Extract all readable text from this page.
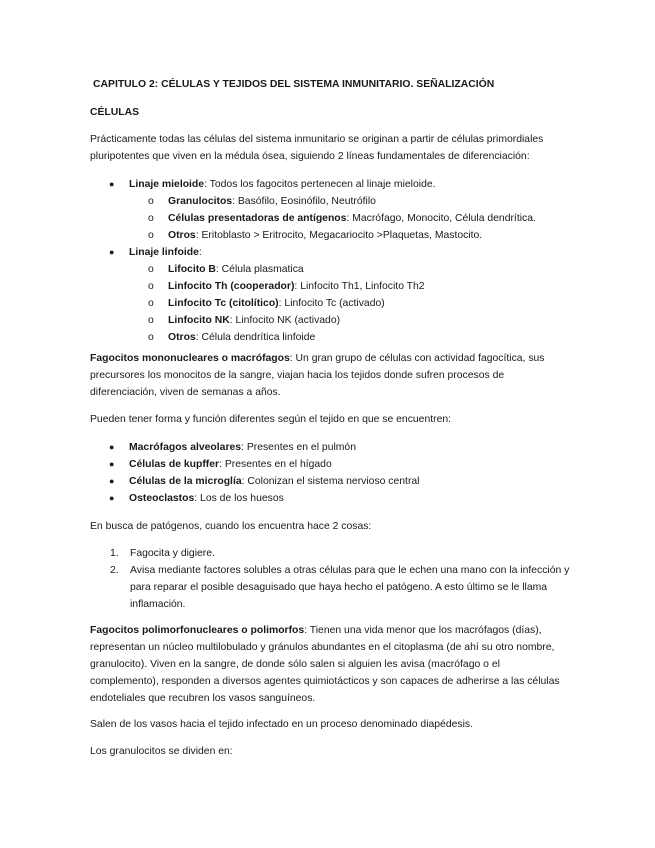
CAPITULO 2: CÉLULAS Y TEJIDOS DEL SISTEMA INMUNITARIO. SEÑALIZACIÓN

CÉLULAS

Prácticamente todas las células del sistema inmunitario se originan a partir de células primordiales pluripotentes que viven en la médula ósea, siguiendo 2 líneas fundamentales de diferenciación:

● Linaje mieloide: Todos los fagocitos pertenecen al linaje mieloide.
o Granulocitos: Basófilo, Eosinófilo, Neutrófilo
o Células presentadoras de antígenos: Macrófago, Monocito, Célula dendrítica.
o Otros: Eritoblasto > Eritrocito, Megacariocito >Plaquetas, Mastocito.
● Linaje linfoide:
o Lifocito B: Célula plasmatica
o Linfocito Th (cooperador): Linfocito Th1, Linfocito Th2
o Linfocito Tc (citolítico): Linfocito Tc (activado)
o Linfocito NK: Linfocito NK (activado)
o Otros: Célula dendrítica linfoide

Fagocitos mononucleares o macrófagos: Un gran grupo de células con actividad fagocítica, sus precursores los monocitos de la sangre, viajan hacia los tejidos donde sufren procesos de diferenciación, viven de semanas a años.

Pueden tener forma y función diferentes según el tejido en que se encuentren:

● Macrófagos alveolares: Presentes en el pulmón
● Células de kupffer: Presentes en el hígado
● Células de la microglía: Colonizan el sistema nervioso central
● Osteoclastos: Los de los huesos

En busca de patógenos, cuando los encuentra hace 2 cosas:

1. Fagocita y digiere.
2. Avisa mediante factores solubles a otras células para que le echen una mano con la infección y para reparar el posible desaguisado que haya hecho el patógeno. A esto último se le llama inflamación.

Fagocitos polimorfonucleares o polimorfos: Tienen una vida menor que los macrófagos (días), representan un núcleo multilobulado y gránulos abundantes en el citoplasma (de ahí su otro nombre, granulocito). Viven en la sangre, de donde sólo salen si alguien les avisa (macrófago o el complemento), responden a diversos agentes quimiotácticos y son capaces de adherirse a las células endoteliales que recubren los vasos sanguíneos.

Salen de los vasos hacia el tejido infectado en un proceso denominado diapédesis.

Los granulocitos se dividen en:
